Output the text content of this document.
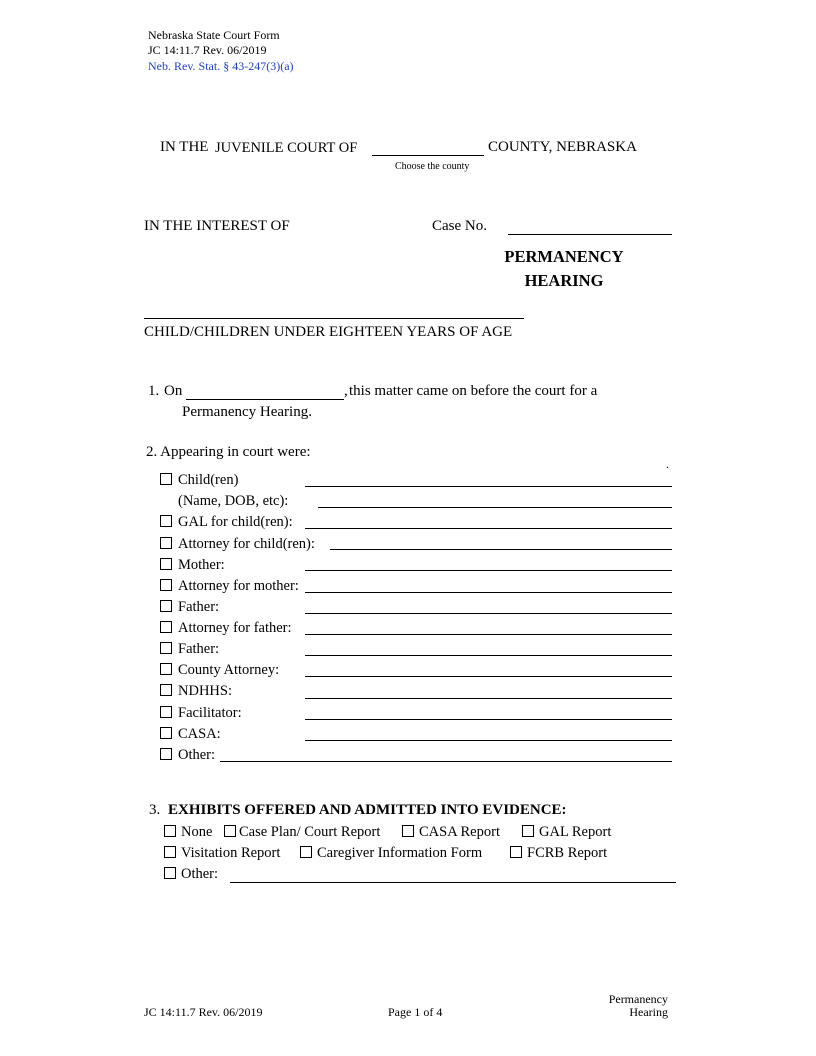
Nebraska State Court Form
JC 14:11.7 Rev. 06/2019
Neb. Rev. Stat. § 43-247(3)(a)
IN THE JUVENILE COURT OF	COUNTY, NEBRASKA
Choose the county
IN THE INTEREST OF	Case No.
PERMANENCY
HEARING
CHILD/CHILDREN UNDER EIGHTEEN YEARS OF AGE
1. On	, this matter came on before the court for a
Permanency Hearing.
2. Appearing in court were:
.
Child(ren)
(Name, DOB, etc):
GAL for child(ren):
Attorney for child(ren):
Mother:
Attorney for mother:
Father:
Attorney for father:
Father:
County Attorney:
NDHHS:
Facilitator:
CASA:
Other:
3. EXHIBITS OFFERED AND ADMITTED INTO EVIDENCE:
None	Case Plan/ Court Report	CASA Report	GAL Report
Visitation Report	Caregiver Information Form	FCRB Report
Other:
JC 14:11.7 Rev. 06/2019	Page 1 of 4
Permanency
Hearing
